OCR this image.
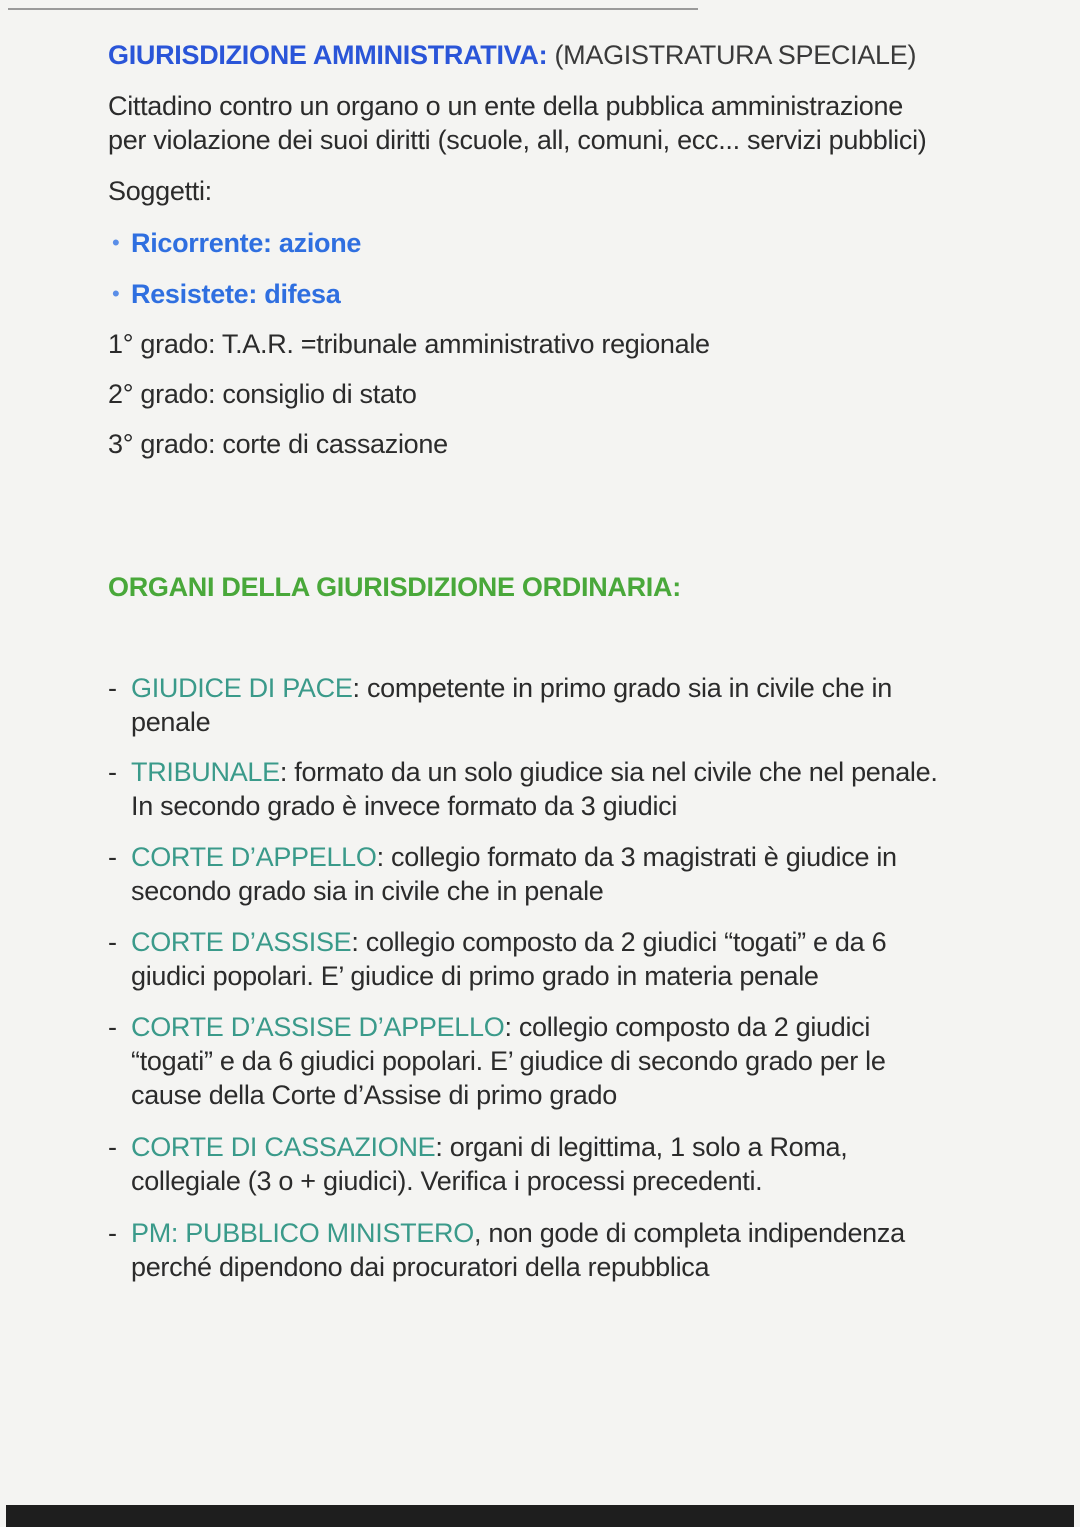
GIURISDIZIONE AMMINISTRATIVA: (MAGISTRATURA SPECIALE)
Cittadino contro un organo o un ente della pubblica amministrazione
per violazione dei suoi diritti (scuole, all, comuni, ecc... servizi pubblici)
Soggetti:
• Ricorrente: azione
• Resistete: difesa
1° grado: T.A.R. =tribunale amministrativo regionale
2° grado: consiglio di stato
3° grado: corte di cassazione
ORGANI DELLA GIURISDIZIONE ORDINARIA:
- GIUDICE DI PACE: competente in primo grado sia in civile che in
penale
- TRIBUNALE: formato da un solo giudice sia nel civile che nel penale.
In secondo grado è invece formato da 3 giudici
- CORTE D’APPELLO: collegio formato da 3 magistrati è giudice in
secondo grado sia in civile che in penale
- CORTE D’ASSISE: collegio composto da 2 giudici “togati” e da 6
giudici popolari. E’ giudice di primo grado in materia penale
- CORTE D’ASSISE D’APPELLO: collegio composto da 2 giudici
“togati” e da 6 giudici popolari. E’ giudice di secondo grado per le
cause della Corte d’Assise di primo grado
- CORTE DI CASSAZIONE: organi di legittima, 1 solo a Roma,
collegiale (3 o + giudici). Verifica i processi precedenti.
- PM: PUBBLICO MINISTERO, non gode di completa indipendenza
perché dipendono dai procuratori della repubblica
